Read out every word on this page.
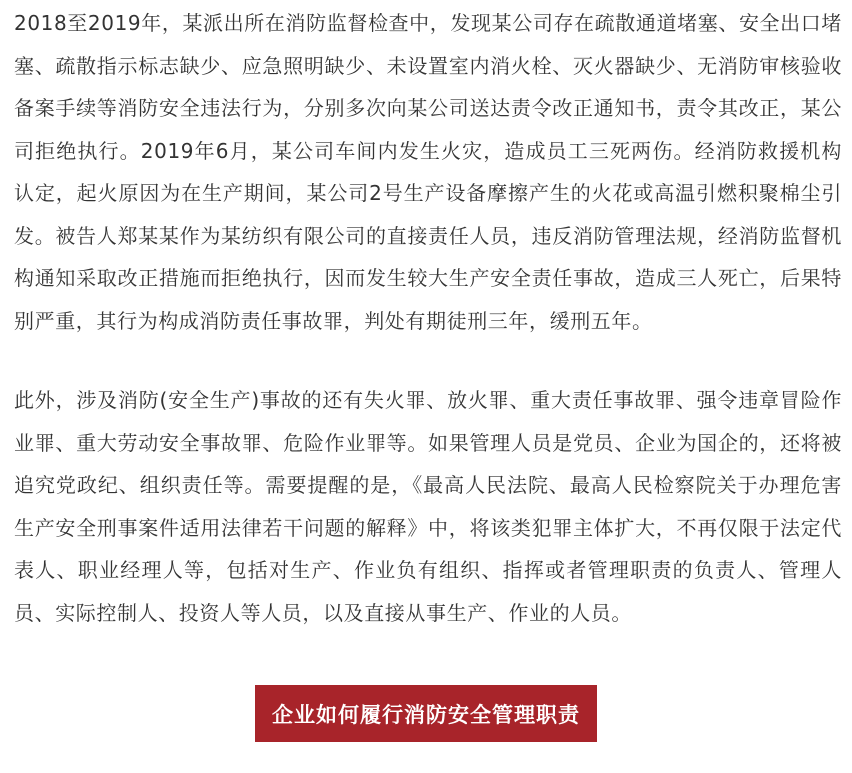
2018至2019年，某派出所在消防监督检查中，发现某公司存在疏散通道堵塞、安全出口堵塞、疏散指示标志缺少、应急照明缺少、未设置室内消火栓、灭火器缺少、无消防审核验收备案手续等消防安全违法行为，分别多次向某公司送达责令改正通知书，责令其改正，某公司拒绝执行。2019年6月，某公司车间内发生火灾，造成员工三死两伤。经消防救援机构认定，起火原因为在生产期间，某公司2号生产设备摩擦产生的火花或高温引燃积聚棉尘引发。被告人郑某某作为某纺织有限公司的直接责任人员，违反消防管理法规，经消防监督机构通知采取改正措施而拒绝执行，因而发生较大生产安全责任事故，造成三人死亡，后果特别严重，其行为构成消防责任事故罪，判处有期徒刑三年，缓刑五年。

此外，涉及消防(安全生产)事故的还有失火罪、放火罪、重大责任事故罪、强令违章冒险作业罪、重大劳动安全事故罪、危险作业罪等。如果管理人员是党员、企业为国企的，还将被追究党政纪、组织责任等。需要提醒的是，《最高人民法院、最高人民检察院关于办理危害生产安全刑事案件适用法律若干问题的解释》中，将该类犯罪主体扩大，不再仅限于法定代表人、职业经理人等，包括对生产、作业负有组织、指挥或者管理职责的负责人、管理人员、实际控制人、投资人等人员，以及直接从事生产、作业的人员。

企业如何履行消防安全管理职责
